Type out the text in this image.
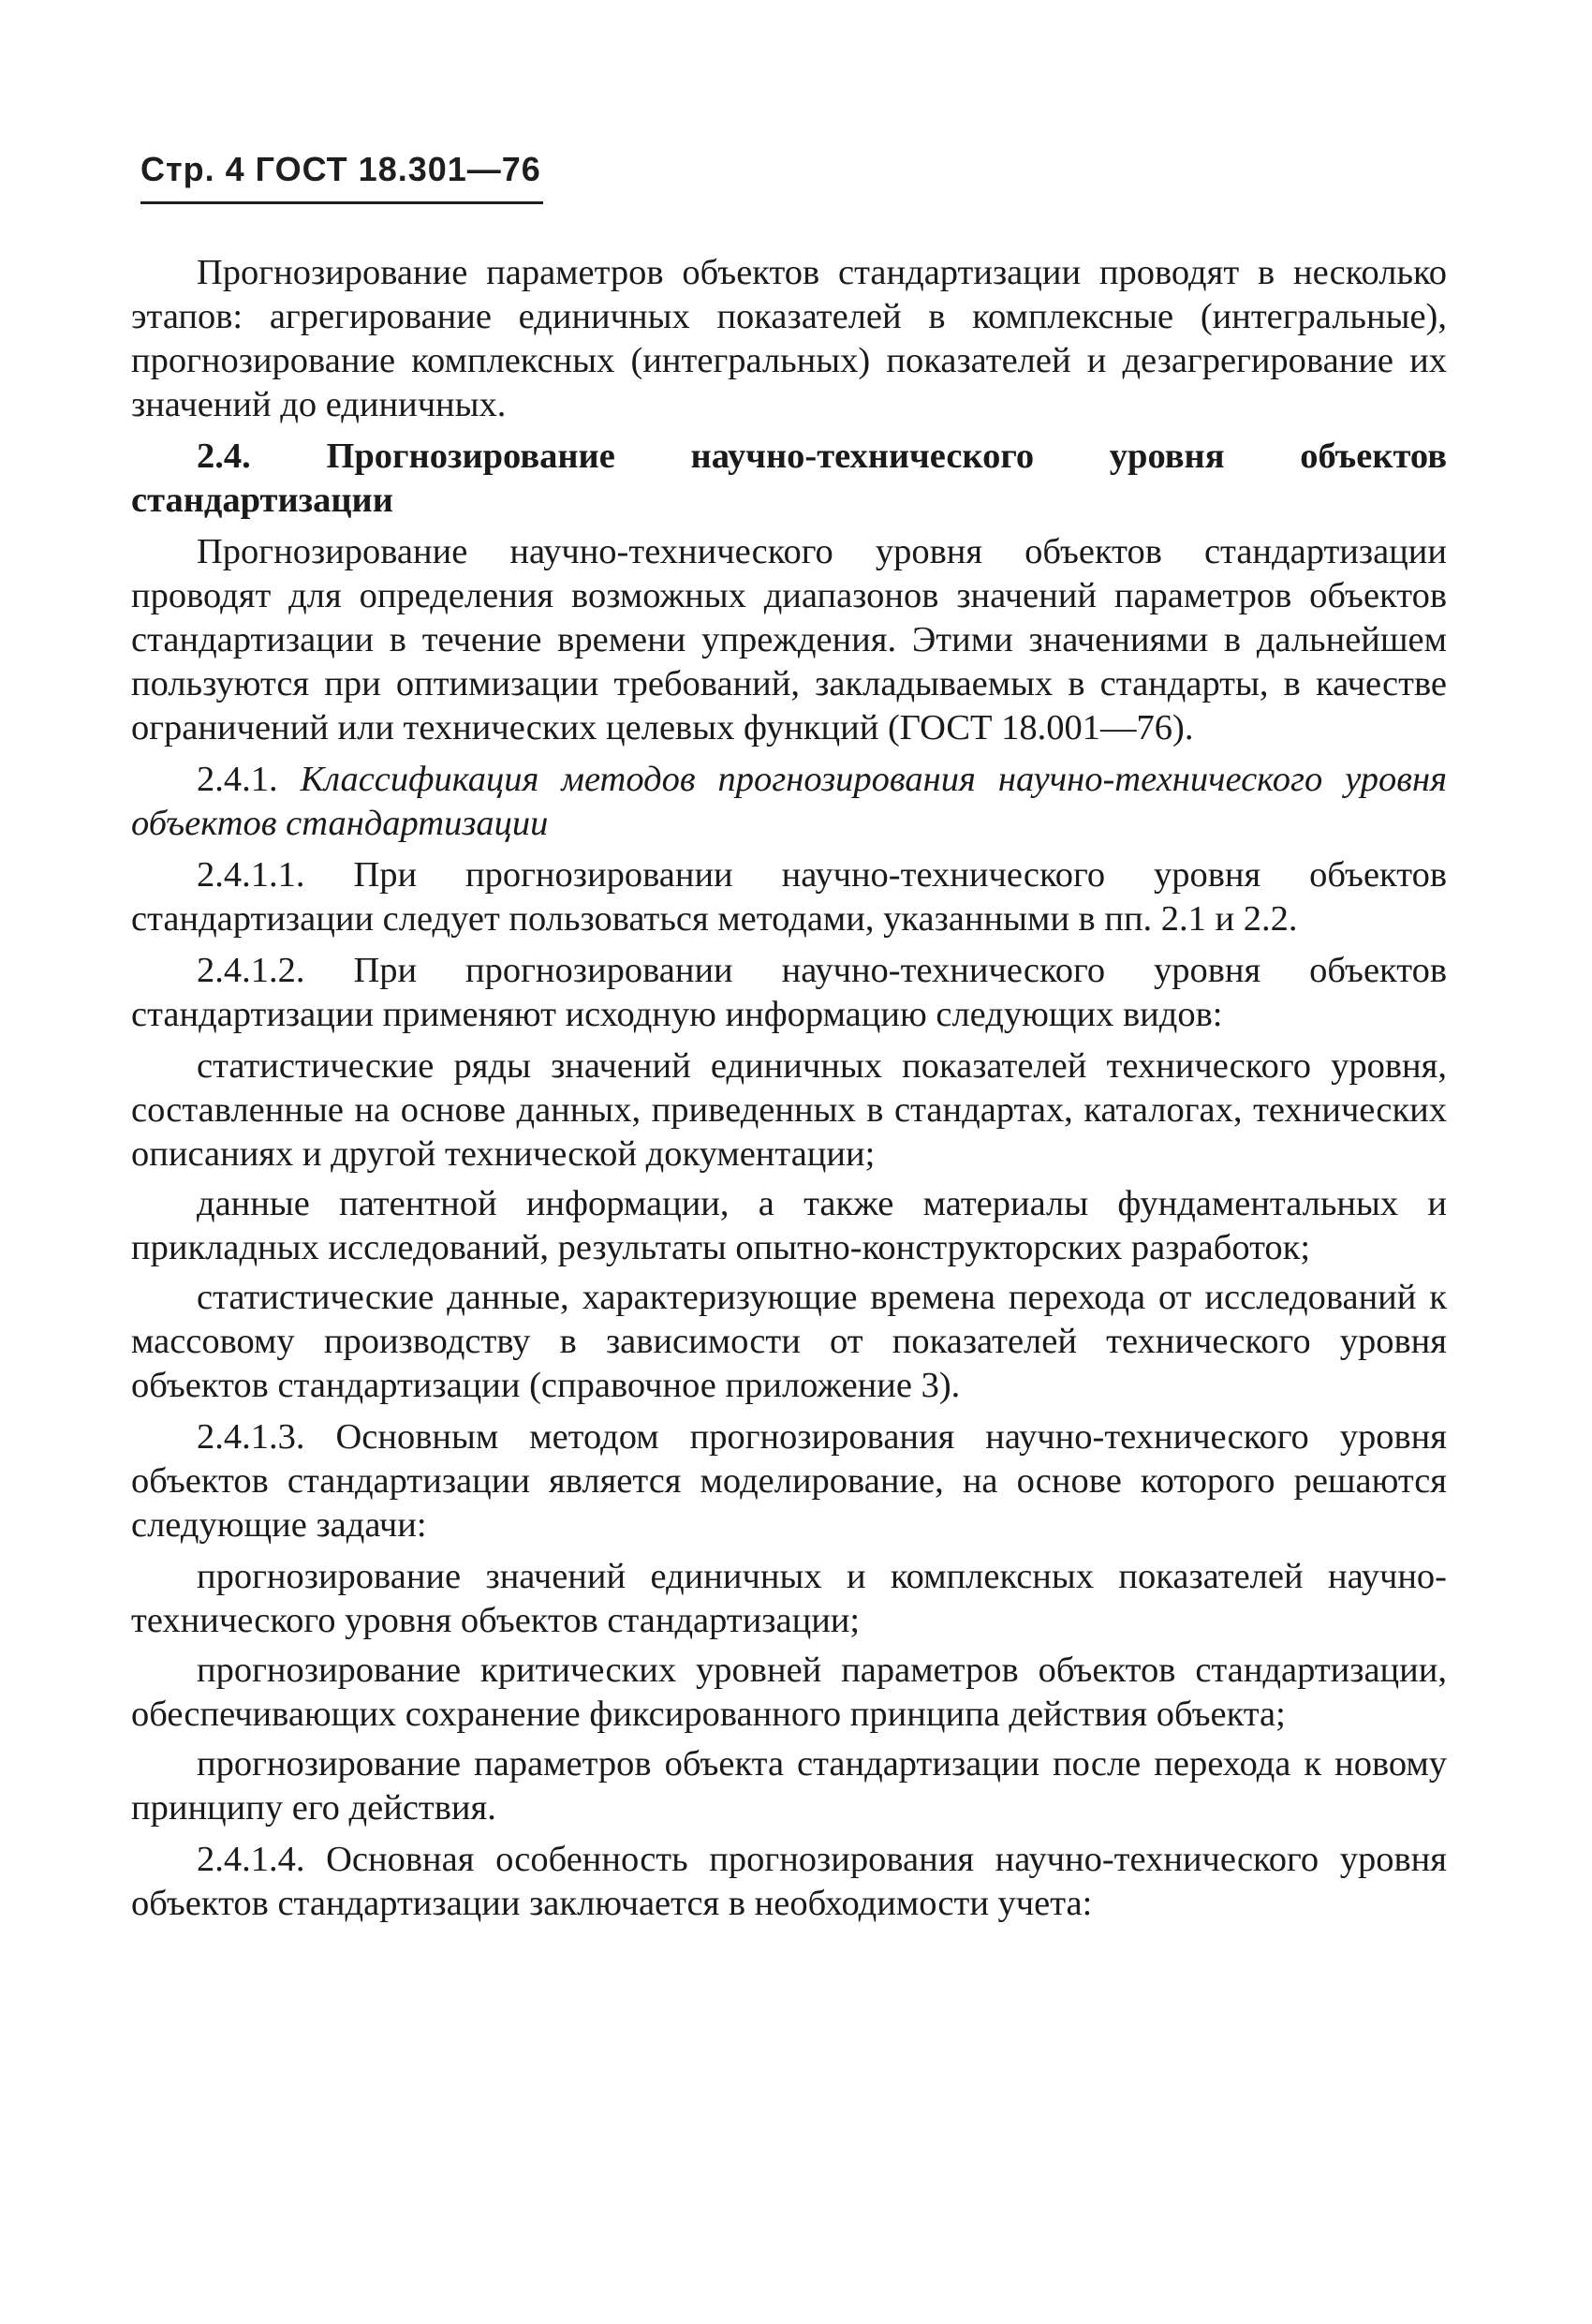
Стр. 4 ГОСТ 18.301—76

Прогнозирование параметров объектов стандартизации проводят в несколько этапов: агрегирование единичных показателей в комплексные (интегральные), прогнозирование комплексных (интегральных) показателей и дезагрегирование их значений до единичных.

2.4. Прогнозирование научно-технического уровня объектов стандартизации

Прогнозирование научно-технического уровня объектов стандартизации проводят для определения возможных диапазонов значений параметров объектов стандартизации в течение времени упреждения. Этими значениями в дальнейшем пользуются при оптимизации требований, закладываемых в стандарты, в качестве ограничений или технических целевых функций (ГОСТ 18.001—76).

2.4.1. Классификация методов прогнозирования научно-технического уровня объектов стандартизации

2.4.1.1. При прогнозировании научно-технического уровня объектов стандартизации следует пользоваться методами, указанными в пп. 2.1 и 2.2.

2.4.1.2. При прогнозировании научно-технического уровня объектов стандартизации применяют исходную информацию следующих видов:

статистические ряды значений единичных показателей технического уровня, составленные на основе данных, приведенных в стандартах, каталогах, технических описаниях и другой технической документации;

данные патентной информации, а также материалы фундаментальных и прикладных исследований, результаты опытно-конструкторских разработок;

статистические данные, характеризующие времена перехода от исследований к массовому производству в зависимости от показателей технического уровня объектов стандартизации (справочное приложение 3).

2.4.1.3. Основным методом прогнозирования научно-технического уровня объектов стандартизации является моделирование, на основе которого решаются следующие задачи:

прогнозирование значений единичных и комплексных показателей научно-технического уровня объектов стандартизации;

прогнозирование критических уровней параметров объектов стандартизации, обеспечивающих сохранение фиксированного принципа действия объекта;

прогнозирование параметров объекта стандартизации после перехода к новому принципу его действия.

2.4.1.4. Основная особенность прогнозирования научно-технического уровня объектов стандартизации заключается в необходимости учета:
